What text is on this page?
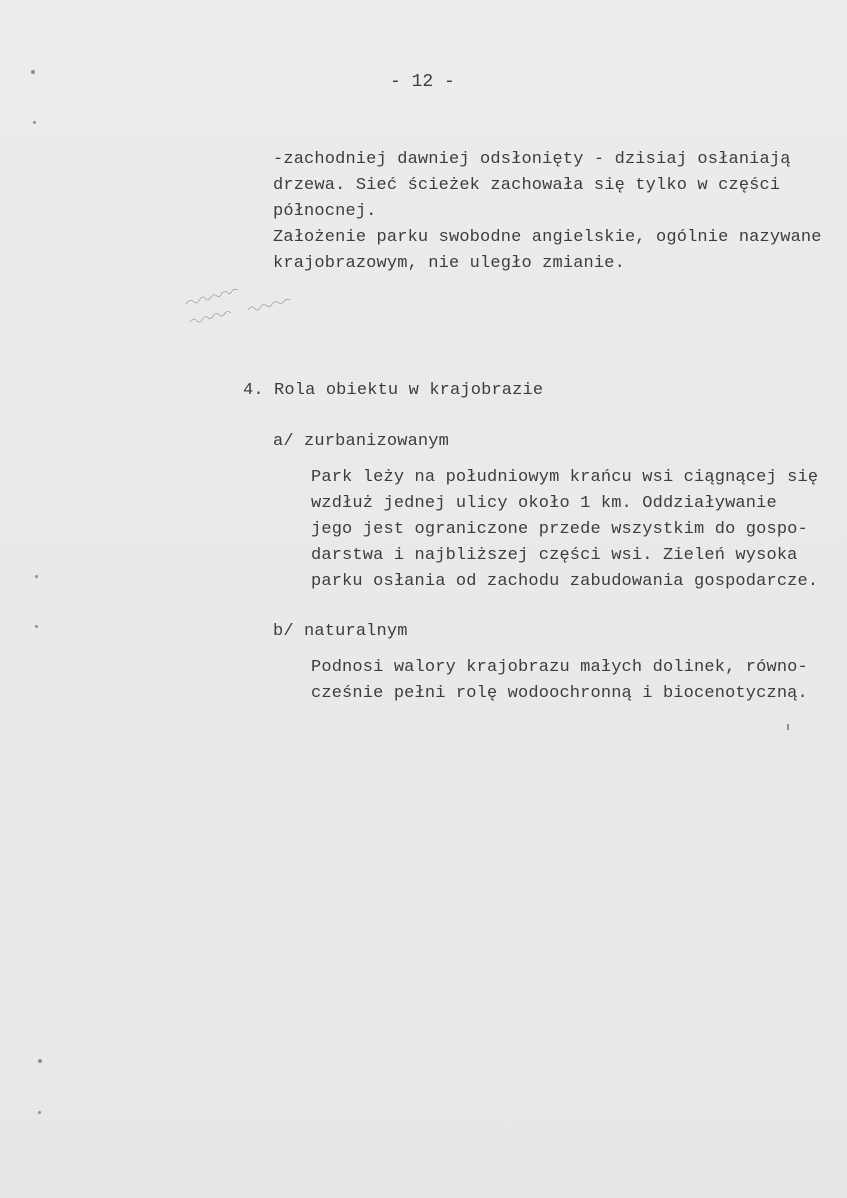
- 12 -
-zachodniej dawniej odsłonięty - dzisiaj osłaniają
drzewa. Sieć ścieżek zachowała się tylko w części
północnej.
Założenie parku swobodne angielskie, ogólnie nazywane
krajobrazowym, nie uległo zmianie.
4. Rola obiektu w krajobrazie
a/ zurbanizowanym
Park leży na południowym krańcu wsi ciągnącej się
wzdłuż jednej ulicy około 1 km. Oddziaływanie
jego jest ograniczone przede wszystkim do gospo-
darstwa i najbliższej części wsi. Zieleń wysoka
parku osłania od zachodu zabudowania gospodarcze.
b/ naturalnym
Podnosi walory krajobrazu małych dolinek, równo-
cześnie pełni rolę wodoochronną i biocenotyczną.
